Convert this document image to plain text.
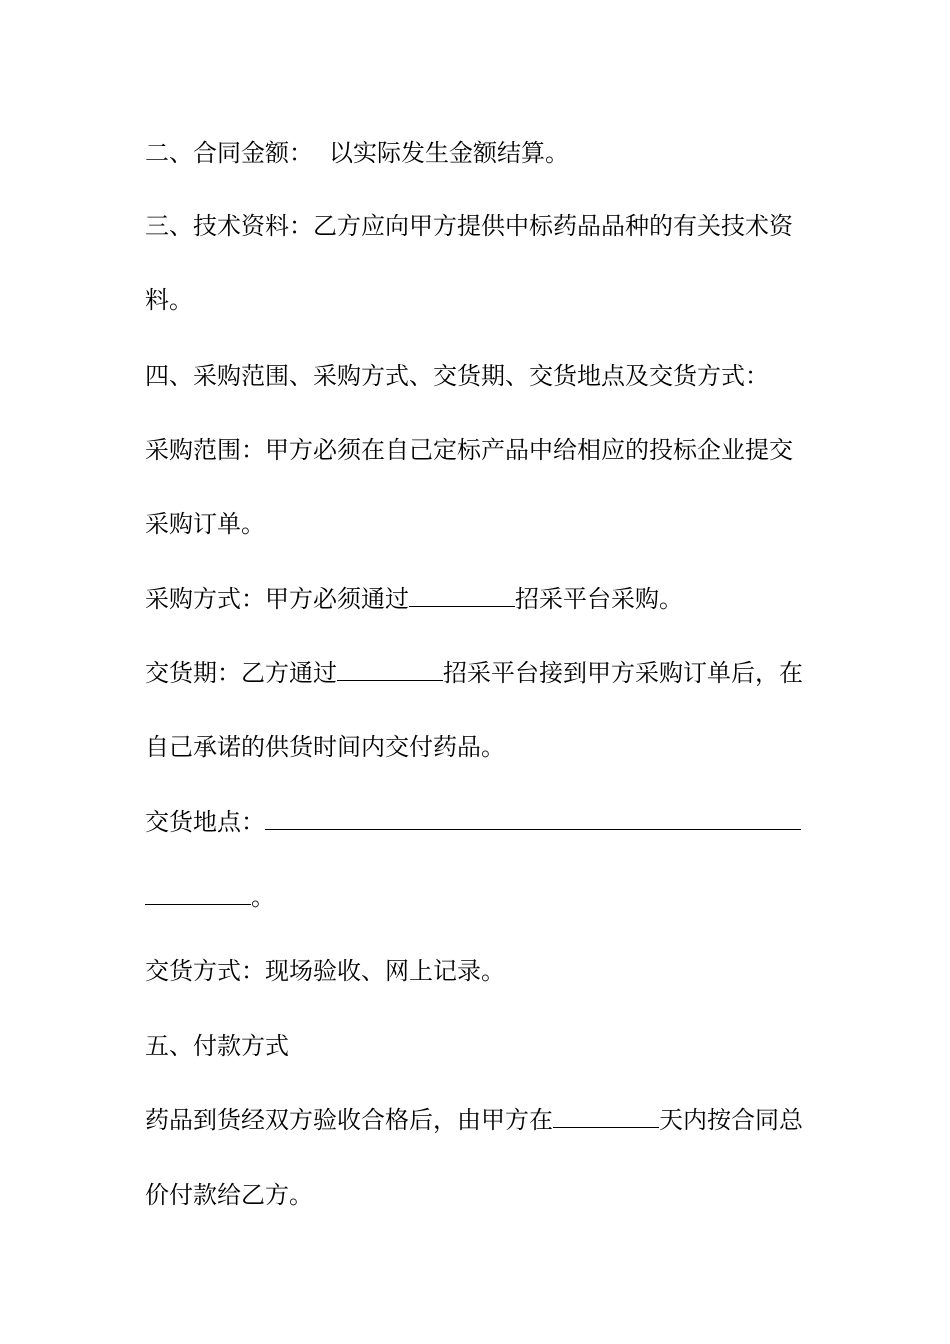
二、合同金额： 以实际发生金额结算。
三、技术资料：乙方应向甲方提供中标药品品种的有关技术资
料。
四、采购范围、采购方式、交货期、交货地点及交货方式：
采购范围：甲方必须在自己定标产品中给相应的投标企业提交
采购订单。
采购方式：甲方必须通过	招采平台采购。
交货期：乙方通过	招采平台接到甲方采购订单后，在
自己承诺的供货时间内交付药品。
交货地点：
。
交货方式：现场验收、网上记录。
五、付款方式
药品到货经双方验收合格后，由甲方在	天内按合同总
价付款给乙方。
